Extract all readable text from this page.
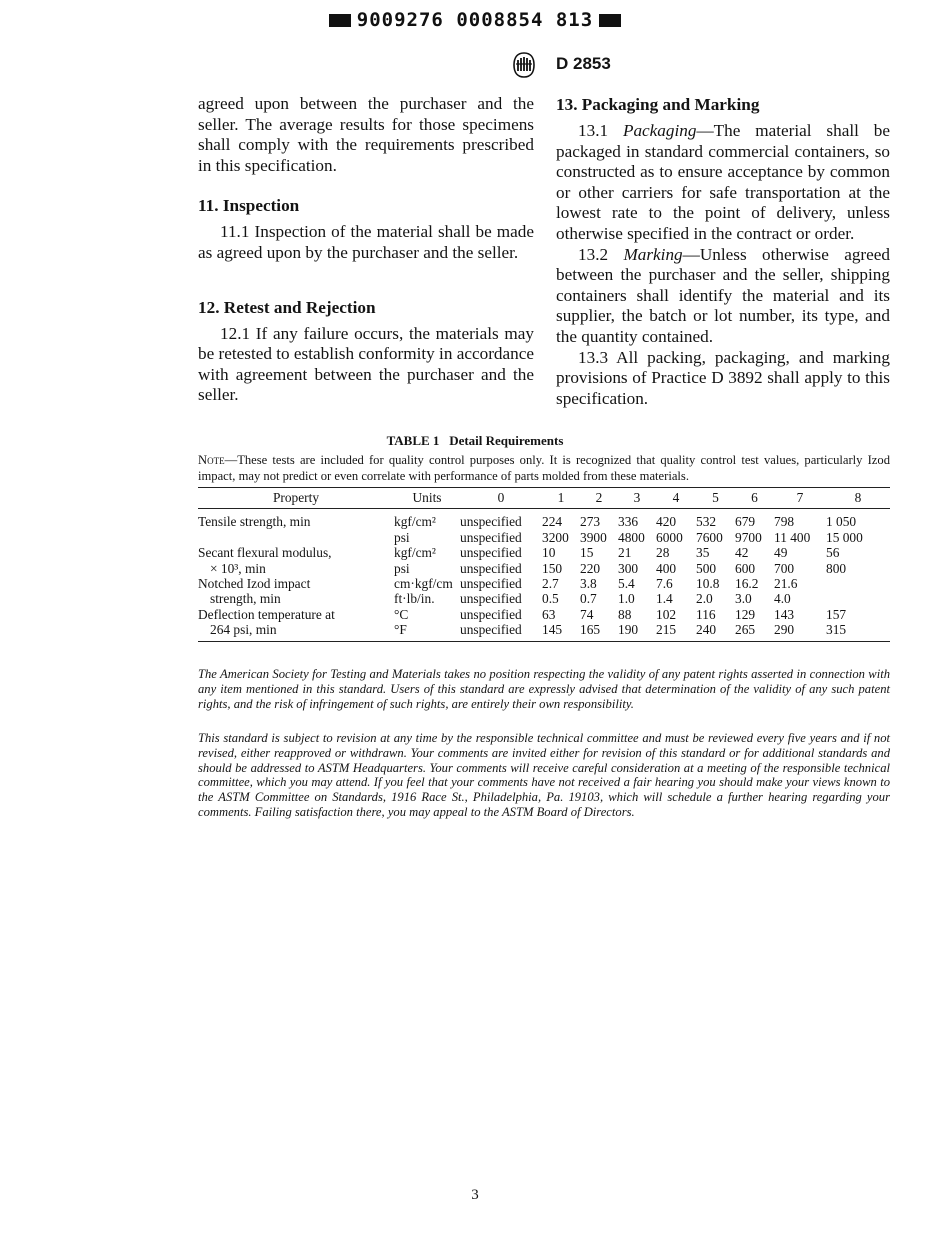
9009276 0008854 813
D 2853

agreed upon between the purchaser and the seller. The average results for those specimens shall comply with the requirements prescribed in this specification.

11. Inspection

11.1 Inspection of the material shall be made as agreed upon by the purchaser and the seller.

12. Retest and Rejection

12.1 If any failure occurs, the materials may be retested to establish conformity in accordance with agreement between the purchaser and the seller.

13. Packaging and Marking

13.1 Packaging—The material shall be packaged in standard commercial containers, so constructed as to ensure acceptance by common or other carriers for safe transportation at the lowest rate to the point of delivery, unless otherwise specified in the contract or order.

13.2 Marking—Unless otherwise agreed between the purchaser and the seller, shipping containers shall identify the material and its supplier, the batch or lot number, its type, and the quantity contained.

13.3 All packing, packaging, and marking provisions of Practice D 3892 shall apply to this specification.

TABLE 1 Detail Requirements
Note—These tests are included for quality control purposes only. It is recognized that quality control test values, particularly Izod impact, may not predict or even correlate with performance of parts molded from these materials.
Property	Units	0	1	2	3	4	5	6	7	8
Tensile strength, min	kgf/cm²	unspecified	224	273	336	420	532	679	798	1 050
	psi	unspecified	3200	3900	4800	6000	7600	9700	11 400	15 000
Secant flexural modulus,	kgf/cm²	unspecified	10	15	21	28	35	42	49	56
× 10³, min	psi	unspecified	150	220	300	400	500	600	700	800
Notched Izod impact	cm·kgf/cm	unspecified	2.7	3.8	5.4	7.6	10.8	16.2	21.6	
strength, min	ft·lb/in.	unspecified	0.5	0.7	1.0	1.4	2.0	3.0	4.0	
Deflection temperature at	°C	unspecified	63	74	88	102	116	129	143	157
264 psi, min	°F	unspecified	145	165	190	215	240	265	290	315

The American Society for Testing and Materials takes no position respecting the validity of any patent rights asserted in connection with any item mentioned in this standard. Users of this standard are expressly advised that determination of the validity of any such patent rights, and the risk of infringement of such rights, are entirely their own responsibility.

This standard is subject to revision at any time by the responsible technical committee and must be reviewed every five years and if not revised, either reapproved or withdrawn. Your comments are invited either for revision of this standard or for additional standards and should be addressed to ASTM Headquarters. Your comments will receive careful consideration at a meeting of the responsible technical committee, which you may attend. If you feel that your comments have not received a fair hearing you should make your views known to the ASTM Committee on Standards, 1916 Race St., Philadelphia, Pa. 19103, which will schedule a further hearing regarding your comments. Failing satisfaction there, you may appeal to the ASTM Board of Directors.

3
